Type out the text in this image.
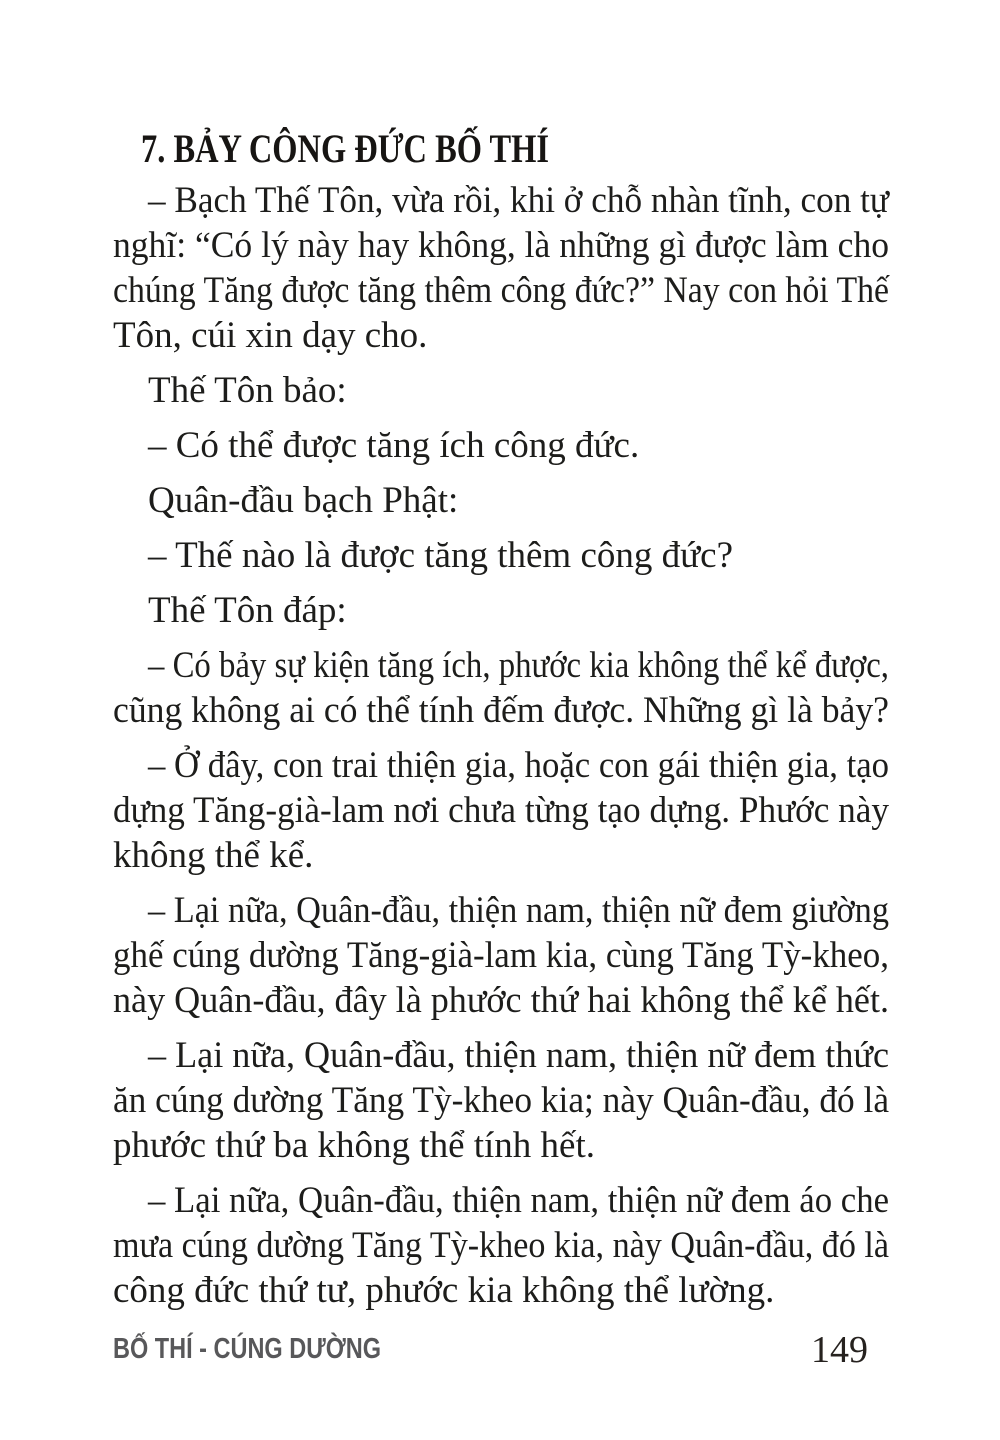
7. BẢY CÔNG ĐỨC BỐ THÍ
– Bạch Thế Tôn, vừa rồi, khi ở chỗ nhàn tĩnh, con tự
nghĩ: “Có lý này hay không, là những gì được làm cho
chúng Tăng được tăng thêm công đức?” Nay con hỏi Thế
Tôn, cúi xin dạy cho.
Thế Tôn bảo:
– Có thể được tăng ích công đức.
Quân-đầu bạch Phật:
– Thế nào là được tăng thêm công đức?
Thế Tôn đáp:
– Có bảy sự kiện tăng ích, phước kia không thể kể được,
cũng không ai có thể tính đếm được. Những gì là bảy?
– Ở đây, con trai thiện gia, hoặc con gái thiện gia, tạo
dựng Tăng-già-lam nơi chưa từng tạo dựng. Phước này
không thể kể.
– Lại nữa, Quân-đầu, thiện nam, thiện nữ đem giường
ghế cúng dường Tăng-già-lam kia, cùng Tăng Tỳ-kheo,
này Quân-đầu, đây là phước thứ hai không thể kể hết.
– Lại nữa, Quân-đầu, thiện nam, thiện nữ đem thức
ăn cúng dường Tăng Tỳ-kheo kia; này Quân-đầu, đó là
phước thứ ba không thể tính hết.
– Lại nữa, Quân-đầu, thiện nam, thiện nữ đem áo che
mưa cúng dường Tăng Tỳ-kheo kia, này Quân-đầu, đó là
công đức thứ tư, phước kia không thể lường.
BỐ THÍ - CÚNG DƯỜNG	149
